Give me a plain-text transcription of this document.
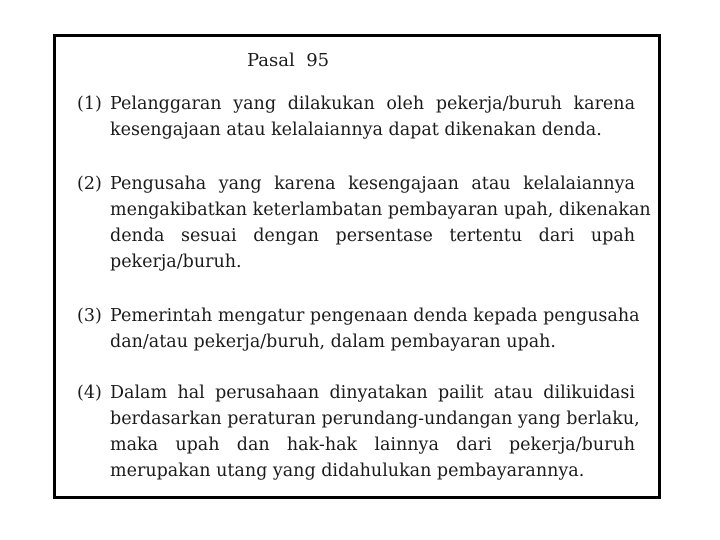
Pasal  95
(1) Pelanggaran yang dilakukan oleh pekerja/buruh karena
kesengajaan atau kelalaiannya dapat dikenakan denda.
(2) Pengusaha yang karena kesengajaan atau kelalaiannya
mengakibatkan keterlambatan pembayaran upah, dikenakan
denda sesuai dengan persentase tertentu dari upah
pekerja/buruh.
(3) Pemerintah mengatur pengenaan denda kepada pengusaha
dan/atau pekerja/buruh, dalam pembayaran upah.
(4) Dalam hal perusahaan dinyatakan pailit atau dilikuidasi
berdasarkan peraturan perundang-undangan yang berlaku,
maka upah dan hak-hak lainnya dari pekerja/buruh
merupakan utang yang didahulukan pembayarannya.
